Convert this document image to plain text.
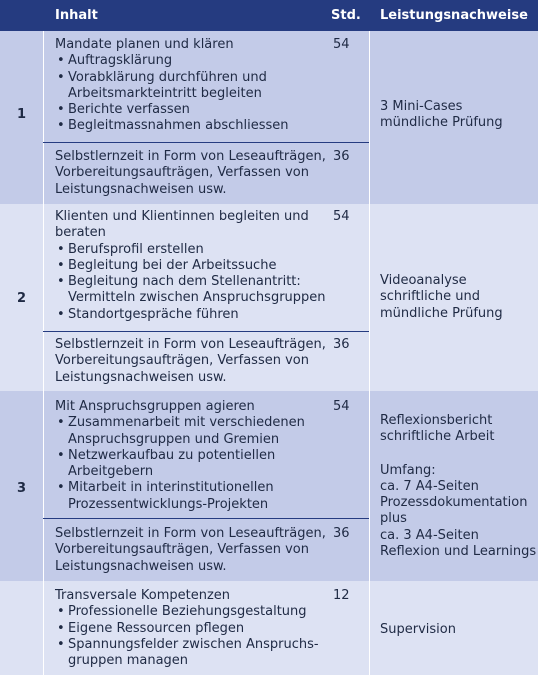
Inhalt	Std. Leistungsnachweise
1
Mandate planen und klären
• Auftragsklärung
• Vorabklärung durchführen und Arbeitsmarkteintritt begleiten
• Berichte verfassen
• Begleitmassnahmen abschliessen
54
Selbstlernzeit in Form von Leseaufträgen, Vorbereitungsaufträgen, Verfassen von Leistungsnachweisen usw.
36

3 Mini-Cases

mündliche Prüfung

2
Klienten und Klientinnen begleiten und beraten
• Berufsprofil erstellen
• Begleitung bei der Arbeitssuche
• Begleitung nach dem Stellenantritt: Vermitteln zwischen Anspruchsgruppen
• Standortgespräche führen
54
Selbstlernzeit in Form von Leseaufträgen, Vorbereitungsaufträgen, Verfassen von Leistungsnachweisen usw.
36

Videoanalyse

schriftliche und

mündliche Prüfung

3
Mit Anspruchsgruppen agieren
• Zusammenarbeit mit verschiedenen Anspruchsgruppen und Gremien
• Netzwerkaufbau zu potentiellen Arbeitgebern
• Mitarbeit in interinstitutionellen Prozessentwicklungs-Projekten
54
Selbstlernzeit in Form von Leseaufträgen, Vorbereitungsaufträgen, Verfassen von Leistungsnachweisen usw.
36

Reflexionsbericht

schriftliche Arbeit

Umfang:

ca. 7 A4-Seiten

Prozessdokumentation

plus

ca. 3 A4-Seiten

Reflexion und Learnings

Transversale Kompetenzen
• Professionelle Beziehungsgestaltung
• Eigene Ressourcen pflegen
• Spannungsfelder zwischen Anspruchs-gruppen managen
12

Supervision
